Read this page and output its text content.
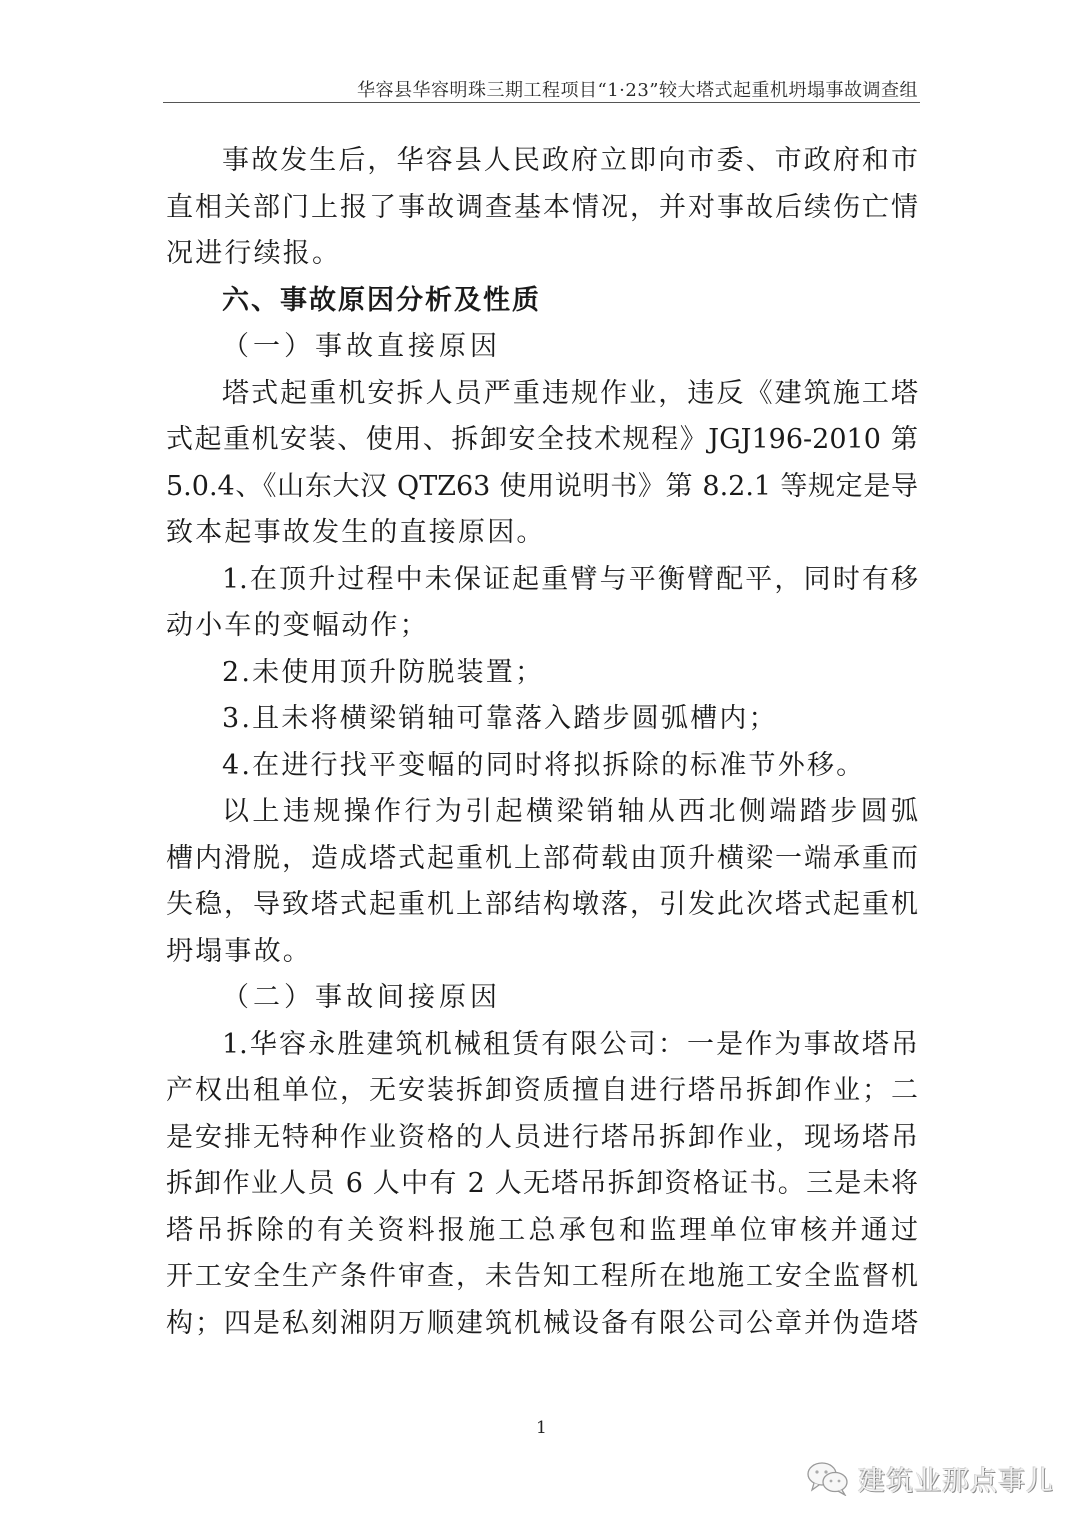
华容县华容明珠三期工程项目“1·23”较大塔式起重机坍塌事故调查组
事故发生后，华容县人民政府立即向市委、市政府和市
直相关部门上报了事故调查基本情况，并对事故后续伤亡情
况进行续报。
六、事故原因分析及性质
（一）事故直接原因
塔式起重机安拆人员严重违规作业，违反《建筑施工塔
式起重机安装、使用、拆卸安全技术规程》JGJ196-2010 第
5.0.4、《山东大汉 QTZ63 使用说明书》第 8.2.1 等规定是导
致本起事故发生的直接原因。
1.在顶升过程中未保证起重臂与平衡臂配平，同时有移
动小车的变幅动作；
2.未使用顶升防脱装置；
3.且未将横梁销轴可靠落入踏步圆弧槽内；
4.在进行找平变幅的同时将拟拆除的标准节外移。
以上违规操作行为引起横梁销轴从西北侧端踏步圆弧
槽内滑脱，造成塔式起重机上部荷载由顶升横梁一端承重而
失稳，导致塔式起重机上部结构墩落，引发此次塔式起重机
坍塌事故。
（二）事故间接原因
1.华容永胜建筑机械租赁有限公司：一是作为事故塔吊
产权出租单位，无安装拆卸资质擅自进行塔吊拆卸作业；二
是安排无特种作业资格的人员进行塔吊拆卸作业，现场塔吊
拆卸作业人员 6 人中有 2 人无塔吊拆卸资格证书。三是未将
塔吊拆除的有关资料报施工总承包和监理单位审核并通过
开工安全生产条件审查，未告知工程所在地施工安全监督机
构；四是私刻湘阴万顺建筑机械设备有限公司公章并伪造塔
1
建筑业那点事儿
